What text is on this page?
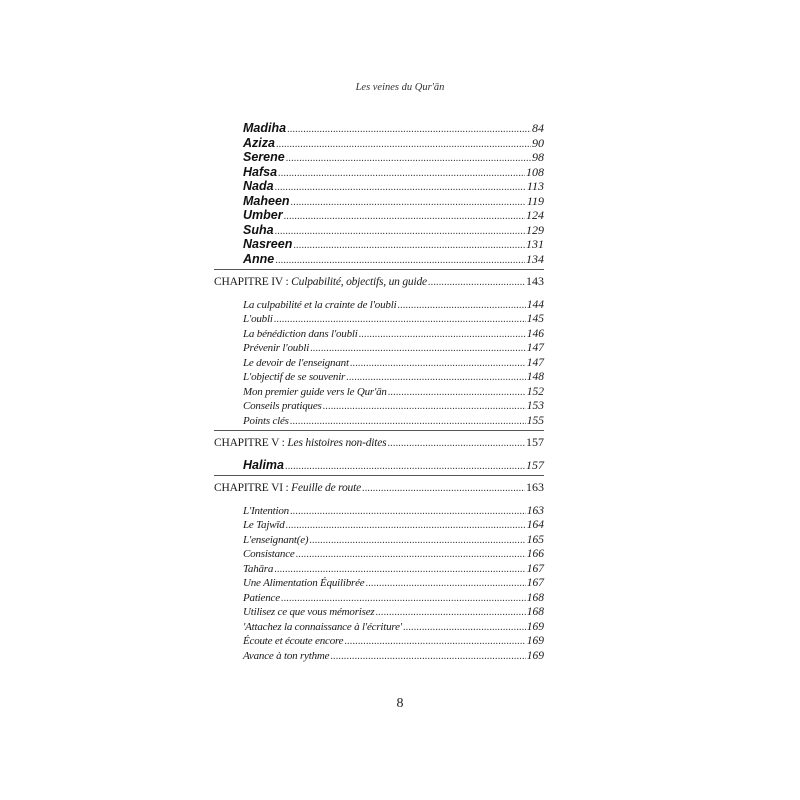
Les veines du Qur'ān
Madiha .....	84
Aziza .....	90
Serene .....	98
Hafsa .....	108
Nada .....	113
Maheen .....	119
Umber .....	124
Suha .....	129
Nasreen .....	131
Anne .....	134
CHAPITRE IV : Culpabilité, objectifs, un guide .....	143
La culpabilité et la crainte de l'oubli .....	144
L'oubli .....	145
La bénédiction dans l'oubli .....	146
Prévenir l'oubli .....	147
Le devoir de l'enseignant .....	147
L'objectif de se souvenir .....	148
Mon premier guide vers le Qur'ān .....	152
Conseils pratiques .....	153
Points clés .....	155
CHAPITRE V : Les histoires non-dites .....	157
Halima .....	157
CHAPITRE VI : Feuille de route .....	163
L'Intention .....	163
Le Tajwīd .....	164
L'enseignant(e) .....	165
Consistance .....	166
Tahāra .....	167
Une Alimentation Équilibrée .....	167
Patience .....	168
Utilisez ce que vous mémorisez .....	168
'Attachez la connaissance à l'écriture' .....	169
Écoute et écoute encore .....	169
Avance à ton rythme .....	169
8
